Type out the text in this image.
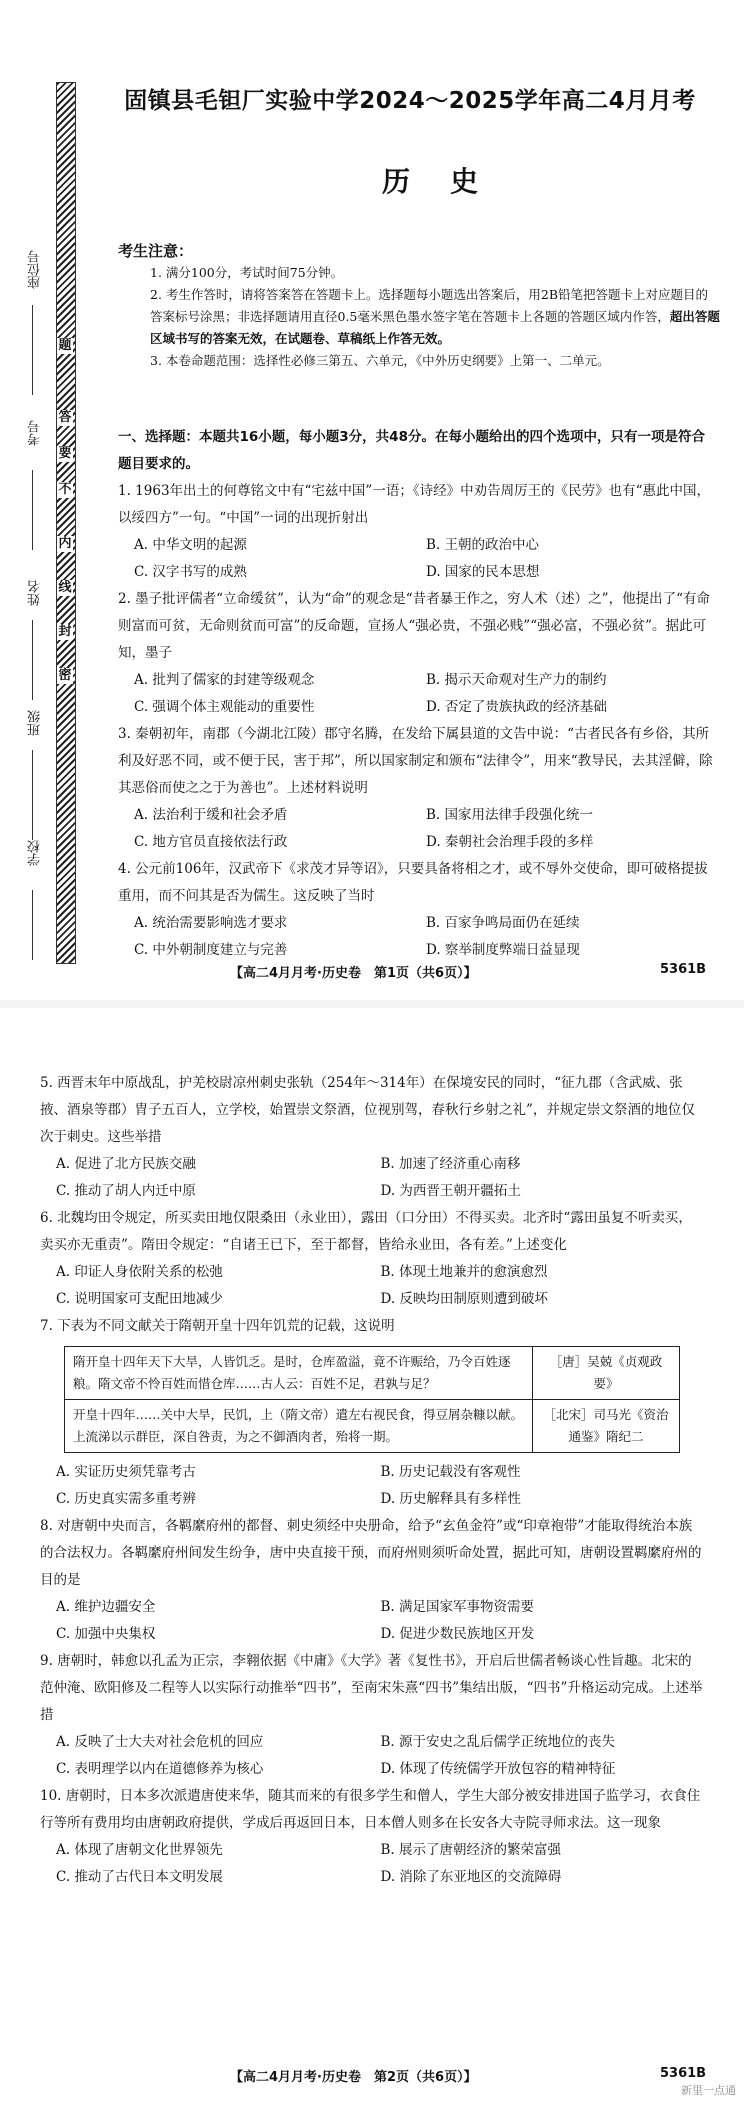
题
答
要
不
内
线
封
密
座位号
考号
姓名
班级
学校
固镇县毛钽厂实验中学2024～2025学年高二4月月考
历史
考生注意：
1. 满分100分，考试时间75分钟。
2. 考生作答时，请将答案答在答题卡上。选择题每小题选出答案后，用2B铅笔把答题卡上对应题目的答案标号涂黑；非选择题请用直径0.5毫米黑色墨水签字笔在答题卡上各题的答题区域内作答，超出答题区域书写的答案无效，在试题卷、草稿纸上作答无效。
3. 本卷命题范围：选择性必修三第五、六单元，《中外历史纲要》上第一、二单元。
一、选择题：本题共16小题，每小题3分，共48分。在每小题给出的四个选项中，只有一项是符合题目要求的。
1. 1963年出土的何尊铭文中有“宅兹中国”一语；《诗经》中劝告周厉王的《民劳》也有“惠此中国，以绥四方”一句。“中国”一词的出现折射出
A. 中华文明的起源	B. 王朝的政治中心
C. 汉字书写的成熟	D. 国家的民本思想
2. 墨子批评儒者“立命缓贫”，认为“命”的观念是“昔者暴王作之，穷人术（述）之”，他提出了“有命则富而可贫，无命则贫而可富”的反命题，宣扬人“强必贵，不强必贱”“强必富，不强必贫”。据此可知，墨子
A. 批判了儒家的封建等级观念	B. 揭示天命观对生产力的制约
C. 强调个体主观能动的重要性	D. 否定了贵族执政的经济基础
3. 秦朝初年，南郡（今湖北江陵）郡守名腾，在发给下属县道的文告中说：“古者民各有乡俗，其所利及好恶不同，或不便于民，害于邦”，所以国家制定和颁布“法律令”，用来“教导民，去其淫僻，除其恶俗而使之之于为善也”。上述材料说明
A. 法治利于缓和社会矛盾	B. 国家用法律手段强化统一
C. 地方官员直接依法行政	D. 秦朝社会治理手段的多样
4. 公元前106年，汉武帝下《求茂才异等诏》，只要具备将相之才，或不辱外交使命，即可破格提拔重用，而不问其是否为儒生。这反映了当时
A. 统治需要影响选才要求	B. 百家争鸣局面仍在延续
C. 中外朝制度建立与完善	D. 察举制度弊端日益显现
【高二4月月考·历史卷　第1页（共6页）】	5361B
5. 西晋末年中原战乱，护羌校尉凉州刺史张轨（254年～314年）在保境安民的同时，“征九郡（含武威、张掖、酒泉等郡）胄子五百人，立学校，始置崇文祭酒，位视别驾，春秋行乡射之礼”，并规定崇文祭酒的地位仅次于刺史。这些举措
A. 促进了北方民族交融	B. 加速了经济重心南移
C. 推动了胡人内迁中原	D. 为西晋王朝开疆拓土
6. 北魏均田令规定，所买卖田地仅限桑田（永业田），露田（口分田）不得买卖。北齐时“露田虽复不听卖买，卖买亦无重责”。隋田令规定：“自诸王已下，至于都督，皆给永业田，各有差。”上述变化
A. 印证人身依附关系的松弛	B. 体现土地兼并的愈演愈烈
C. 说明国家可支配田地减少	D. 反映均田制原则遭到破坏
7. 下表为不同文献关于隋朝开皇十四年饥荒的记载，这说明
隋开皇十四年天下大旱，人皆饥乏。是时，仓库盈溢，竟不许赈给，乃令百姓逐粮。隋文帝不怜百姓而惜仓库……古人云：百姓不足，君孰与足？	［唐］吴兢《贞观政要》
开皇十四年……关中大旱，民饥，上（隋文帝）遣左右视民食，得豆屑杂糠以献。上流涕以示群臣，深自咎责，为之不御酒肉者，殆将一期。	［北宋］司马光《资治通鉴》隋纪二
A. 实证历史须凭靠考古	B. 历史记载没有客观性
C. 历史真实需多重考辨	D. 历史解释具有多样性
8. 对唐朝中央而言，各羁縻府州的都督、刺史须经中央册命，给予“玄鱼金符”或“印章袍带”才能取得统治本族的合法权力。各羁縻府州间发生纷争，唐中央直接干预，而府州则须听命处置，据此可知，唐朝设置羁縻府州的目的是
A. 维护边疆安全	B. 满足国家军事物资需要
C. 加强中央集权	D. 促进少数民族地区开发
9. 唐朝时，韩愈以孔孟为正宗，李翱依据《中庸》《大学》著《复性书》，开启后世儒者畅谈心性旨趣。北宋的范仲淹、欧阳修及二程等人以实际行动推举“四书”，至南宋朱熹“四书”集结出版，“四书”升格运动完成。上述举措
A. 反映了士大夫对社会危机的回应	B. 源于安史之乱后儒学正统地位的丧失
C. 表明理学以内在道德修养为核心	D. 体现了传统儒学开放包容的精神特征
10. 唐朝时，日本多次派遣唐使来华，随其而来的有很多学生和僧人，学生大部分被安排进国子监学习，衣食住行等所有费用均由唐朝政府提供，学成后再返回日本，日本僧人则多在长安各大寺院寻师求法。这一现象
A. 体现了唐朝文化世界领先	B. 展示了唐朝经济的繁荣富强
C. 推动了古代日本文明发展	D. 消除了东亚地区的交流障碍
【高二4月月考·历史卷　第2页（共6页）】	5361B
新里一点通
